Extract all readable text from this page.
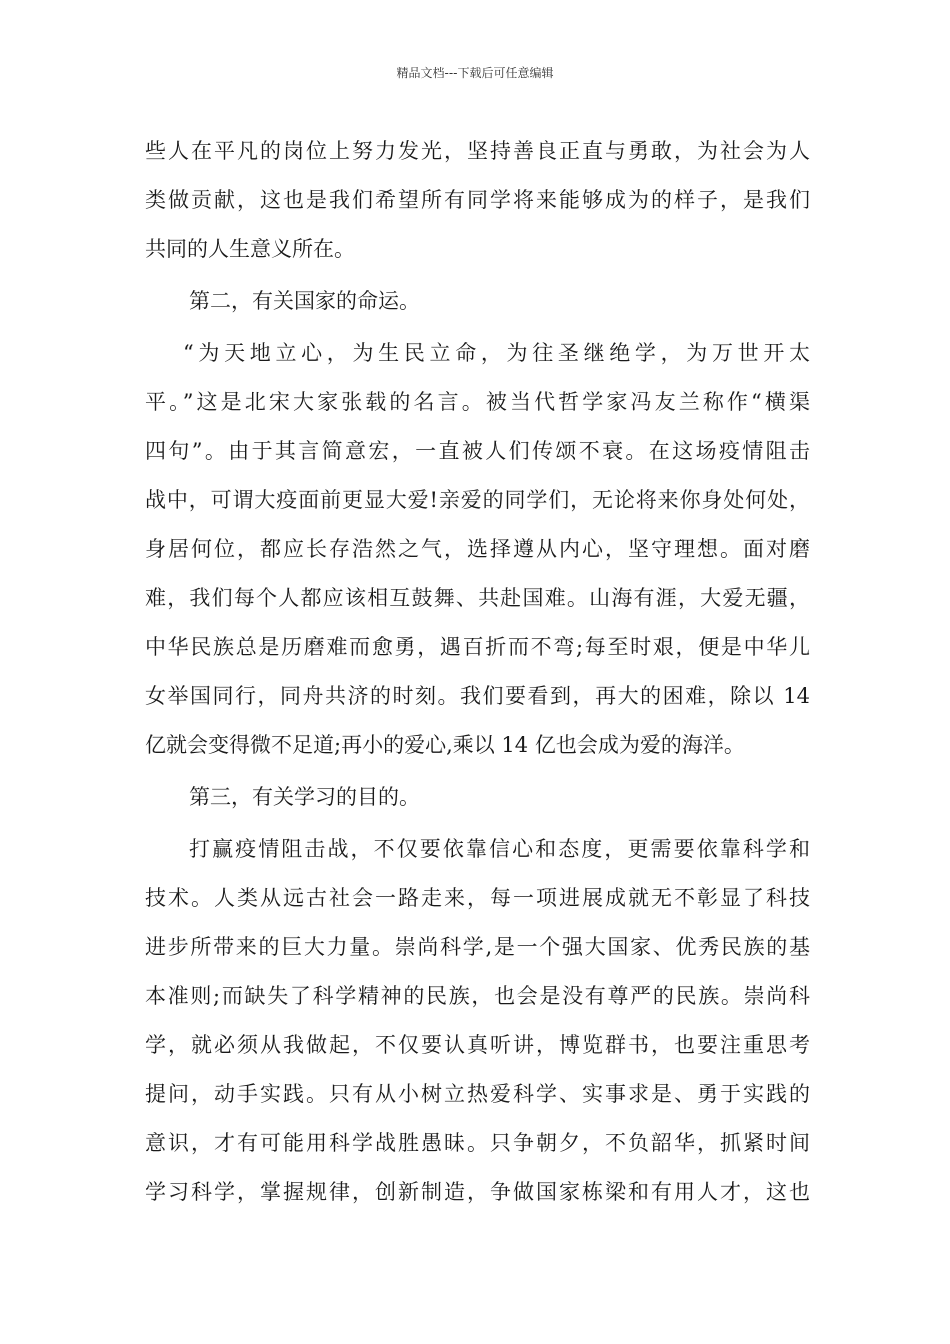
精品文档---下载后可任意编辑
些人在平凡的岗位上努力发光，坚持善良正直与勇敢，为社会为人
类做贡献，这也是我们希望所有同学将来能够成为的样子，是我们
共同的人生意义所在。
第二，有关国家的命运。
“为天地立心，为生民立命，为往圣继绝学，为万世开太
平。”这是北宋大家张载的名言。被当代哲学家冯友兰称作“横渠
四句”。由于其言简意宏，一直被人们传颂不衰。在这场疫情阻击
战中，可谓大疫面前更显大爱!亲爱的同学们，无论将来你身处何处，
身居何位，都应长存浩然之气，选择遵从内心，坚守理想。面对磨
难，我们每个人都应该相互鼓舞、共赴国难。山海有涯，大爱无疆，
中华民族总是历磨难而愈勇，遇百折而不弯;每至时艰，便是中华儿
女举国同行，同舟共济的时刻。我们要看到，再大的困难，除以 14
亿就会变得微不足道;再小的爱心,乘以 14 亿也会成为爱的海洋。
第三，有关学习的目的。
打赢疫情阻击战，不仅要依靠信心和态度，更需要依靠科学和
技术。人类从远古社会一路走来，每一项进展成就无不彰显了科技
进步所带来的巨大力量。崇尚科学,是一个强大国家、优秀民族的基
本准则;而缺失了科学精神的民族，也会是没有尊严的民族。崇尚科
学，就必须从我做起，不仅要认真听讲，博览群书，也要注重思考
提问，动手实践。只有从小树立热爱科学、实事求是、勇于实践的
意识，才有可能用科学战胜愚昧。只争朝夕，不负韶华，抓紧时间
学习科学，掌握规律，创新制造，争做国家栋梁和有用人才，这也
